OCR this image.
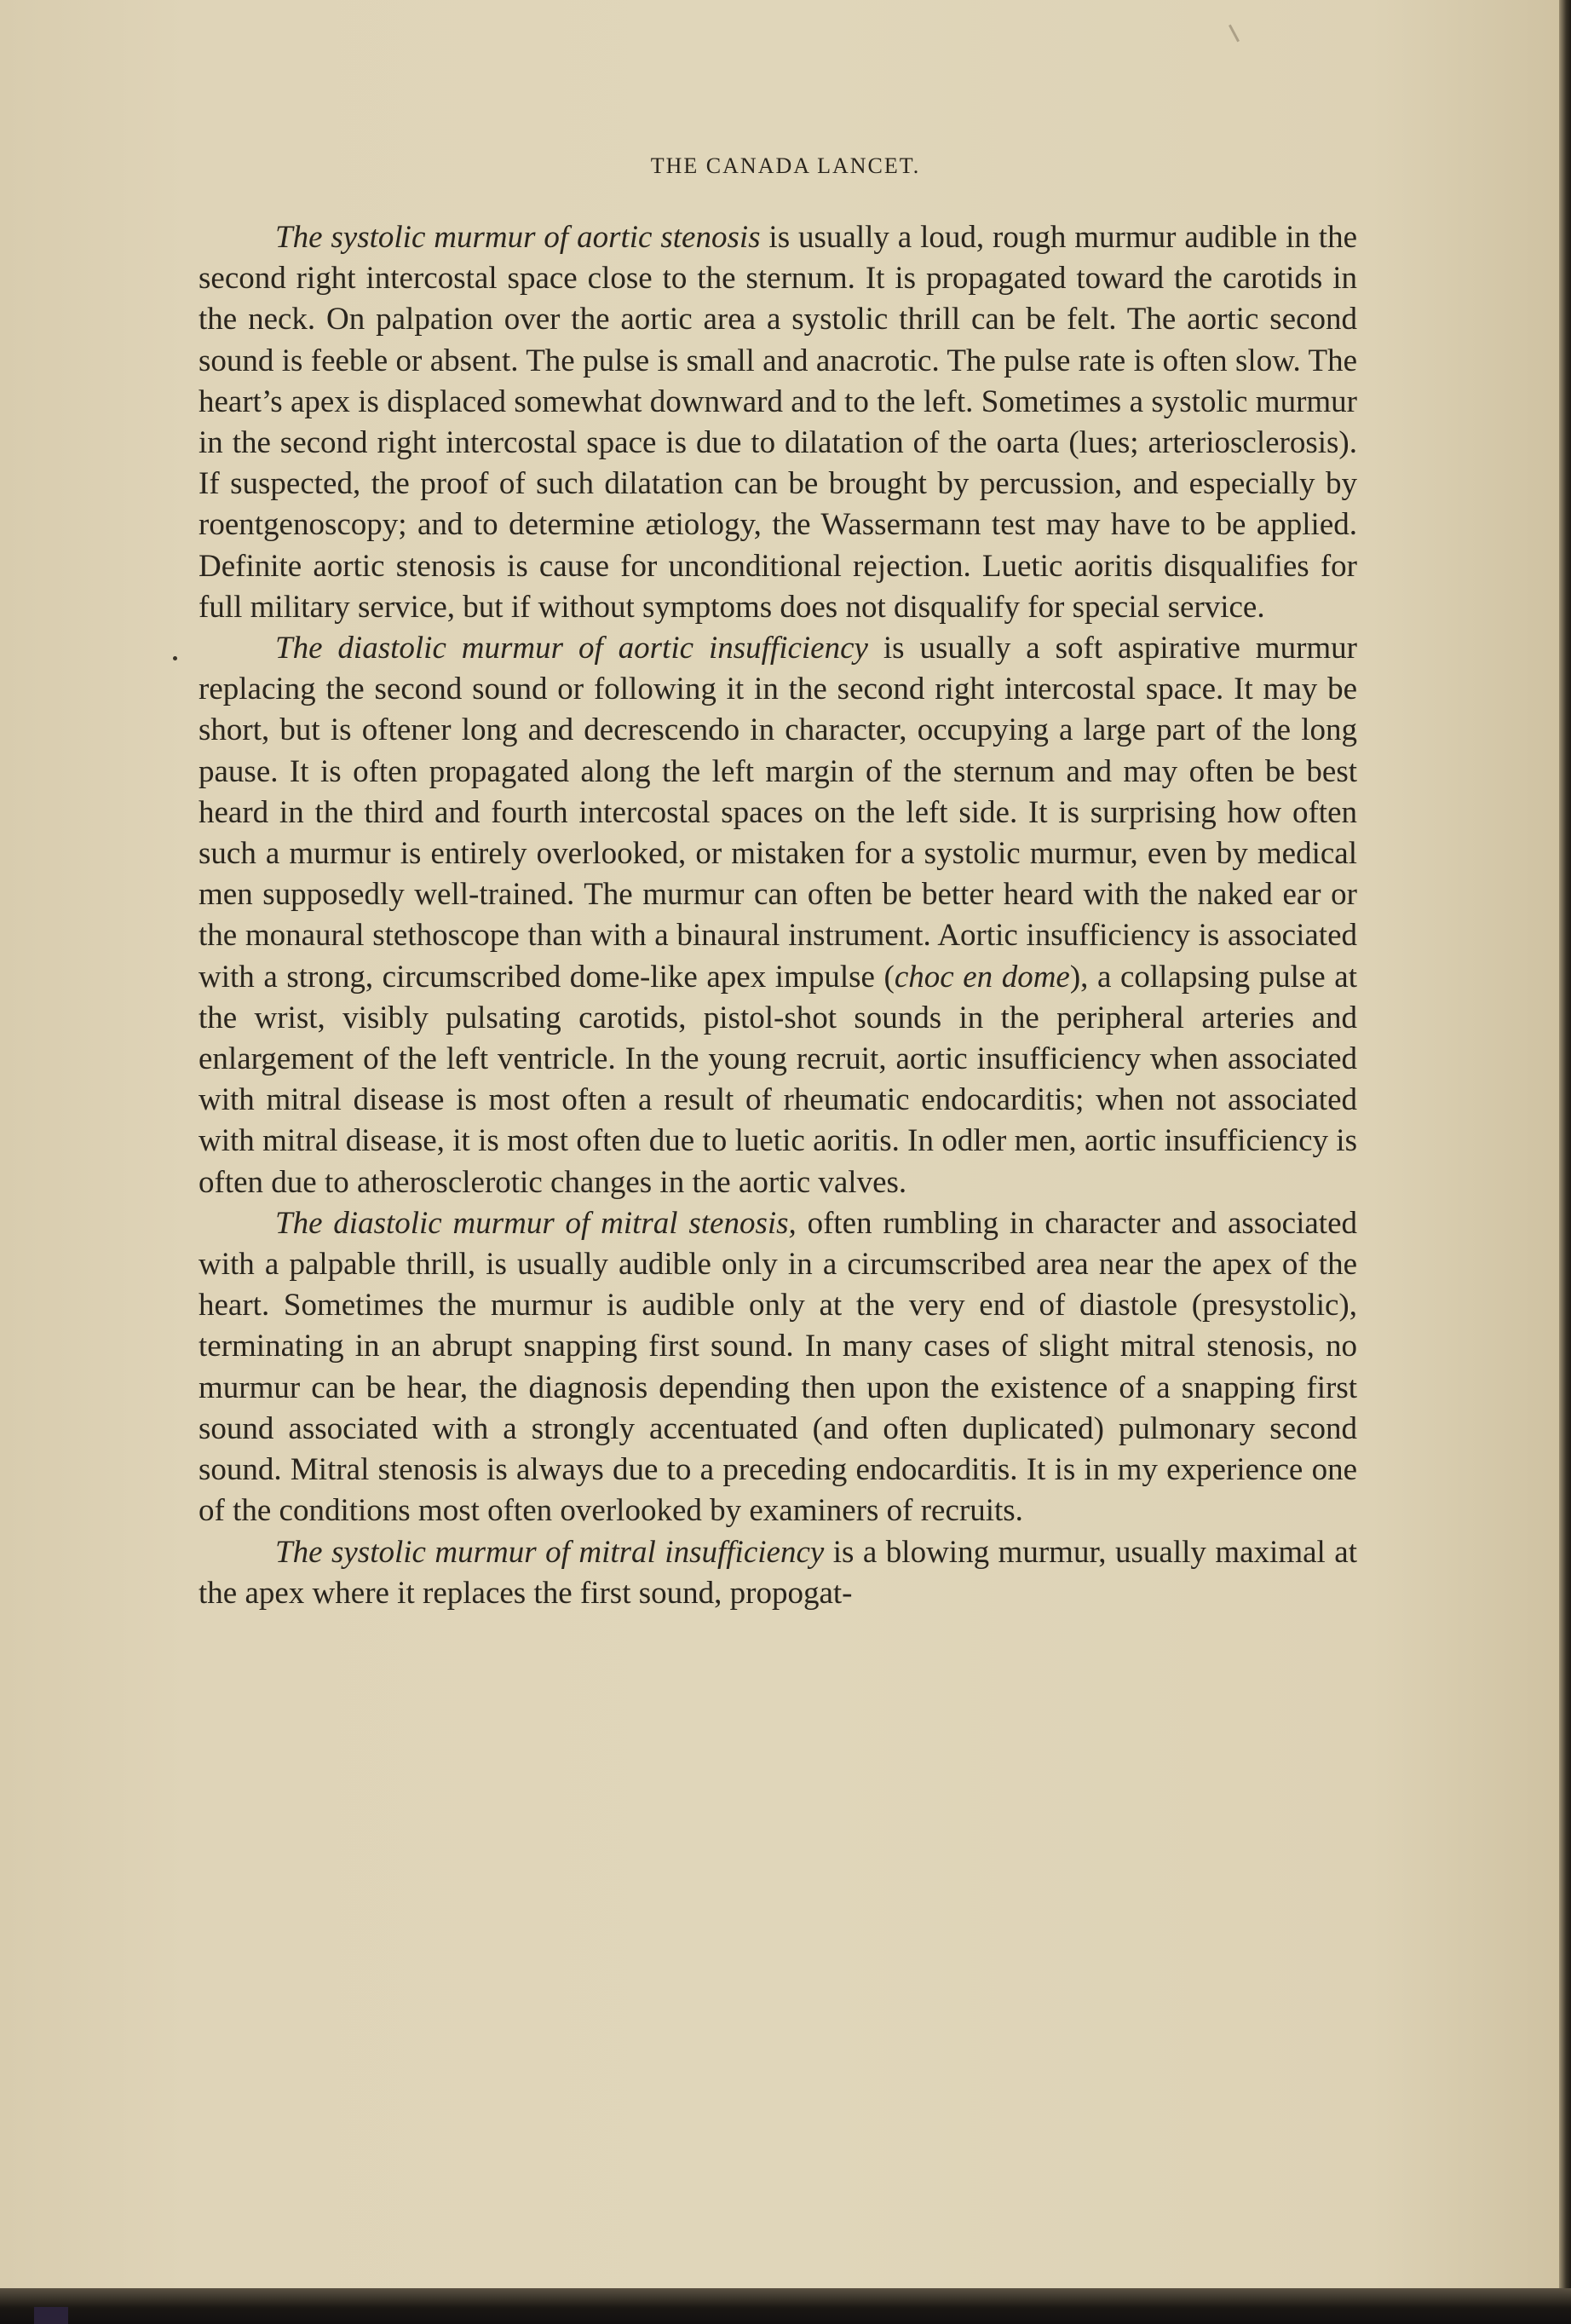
THE CANADA LANCET.

The systolic murmur of aortic stenosis is usually a loud, rough murmur audible in the second right intercostal space close to the sternum. It is propagated toward the carotids in the neck. On palpation over the aortic area a systolic thrill can be felt. The aortic second sound is feeble or absent. The pulse is small and anacrotic. The pulse rate is often slow. The heart’s apex is displaced somewhat downward and to the left. Sometimes a systolic murmur in the second right intercostal space is due to dilatation of the oarta (lues; arteriosclerosis). If suspected, the proof of such dilatation can be brought by percussion, and especially by roentgenoscopy; and to determine ætiology, the Wassermann test may have to be applied. Definite aortic stenosis is cause for unconditional rejection. Luetic aoritis disqualifies for full military service, but if without symptoms does not disqualify for special service.

The diastolic murmur of aortic insufficiency is usually a soft aspirative murmur replacing the second sound or following it in the second right intercostal space. It may be short, but is oftener long and decrescendo in character, occupying a large part of the long pause. It is often propagated along the left margin of the sternum and may often be best heard in the third and fourth intercostal spaces on the left side. It is surprising how often such a murmur is entirely overlooked, or mistaken for a systolic murmur, even by medical men supposedly well-trained. The murmur can often be better heard with the naked ear or the monaural stethoscope than with a binaural instrument. Aortic insufficiency is associated with a strong, circumscribed dome-like apex impulse (choc en dome), a collapsing pulse at the wrist, visibly pulsating carotids, pistol-shot sounds in the peripheral arteries and enlargement of the left ventricle. In the young recruit, aortic insufficiency when associated with mitral disease is most often a result of rheumatic endocarditis; when not associated with mitral disease, it is most often due to luetic aoritis. In odler men, aortic insufficiency is often due to atherosclerotic changes in the aortic valves.

The diastolic murmur of mitral stenosis, often rumbling in character and associated with a palpable thrill, is usually audible only in a circumscribed area near the apex of the heart. Sometimes the murmur is audible only at the very end of diastole (presystolic), terminating in an abrupt snapping first sound. In many cases of slight mitral stenosis, no murmur can be hear, the diagnosis depending then upon the existence of a snapping first sound associated with a strongly accentuated (and often duplicated) pulmonary second sound. Mitral stenosis is always due to a preceding endocarditis. It is in my experience one of the conditions most often overlooked by examiners of recruits.

The systolic murmur of mitral insufficiency is a blowing murmur, usually maximal at the apex where it replaces the first sound, propogat-
